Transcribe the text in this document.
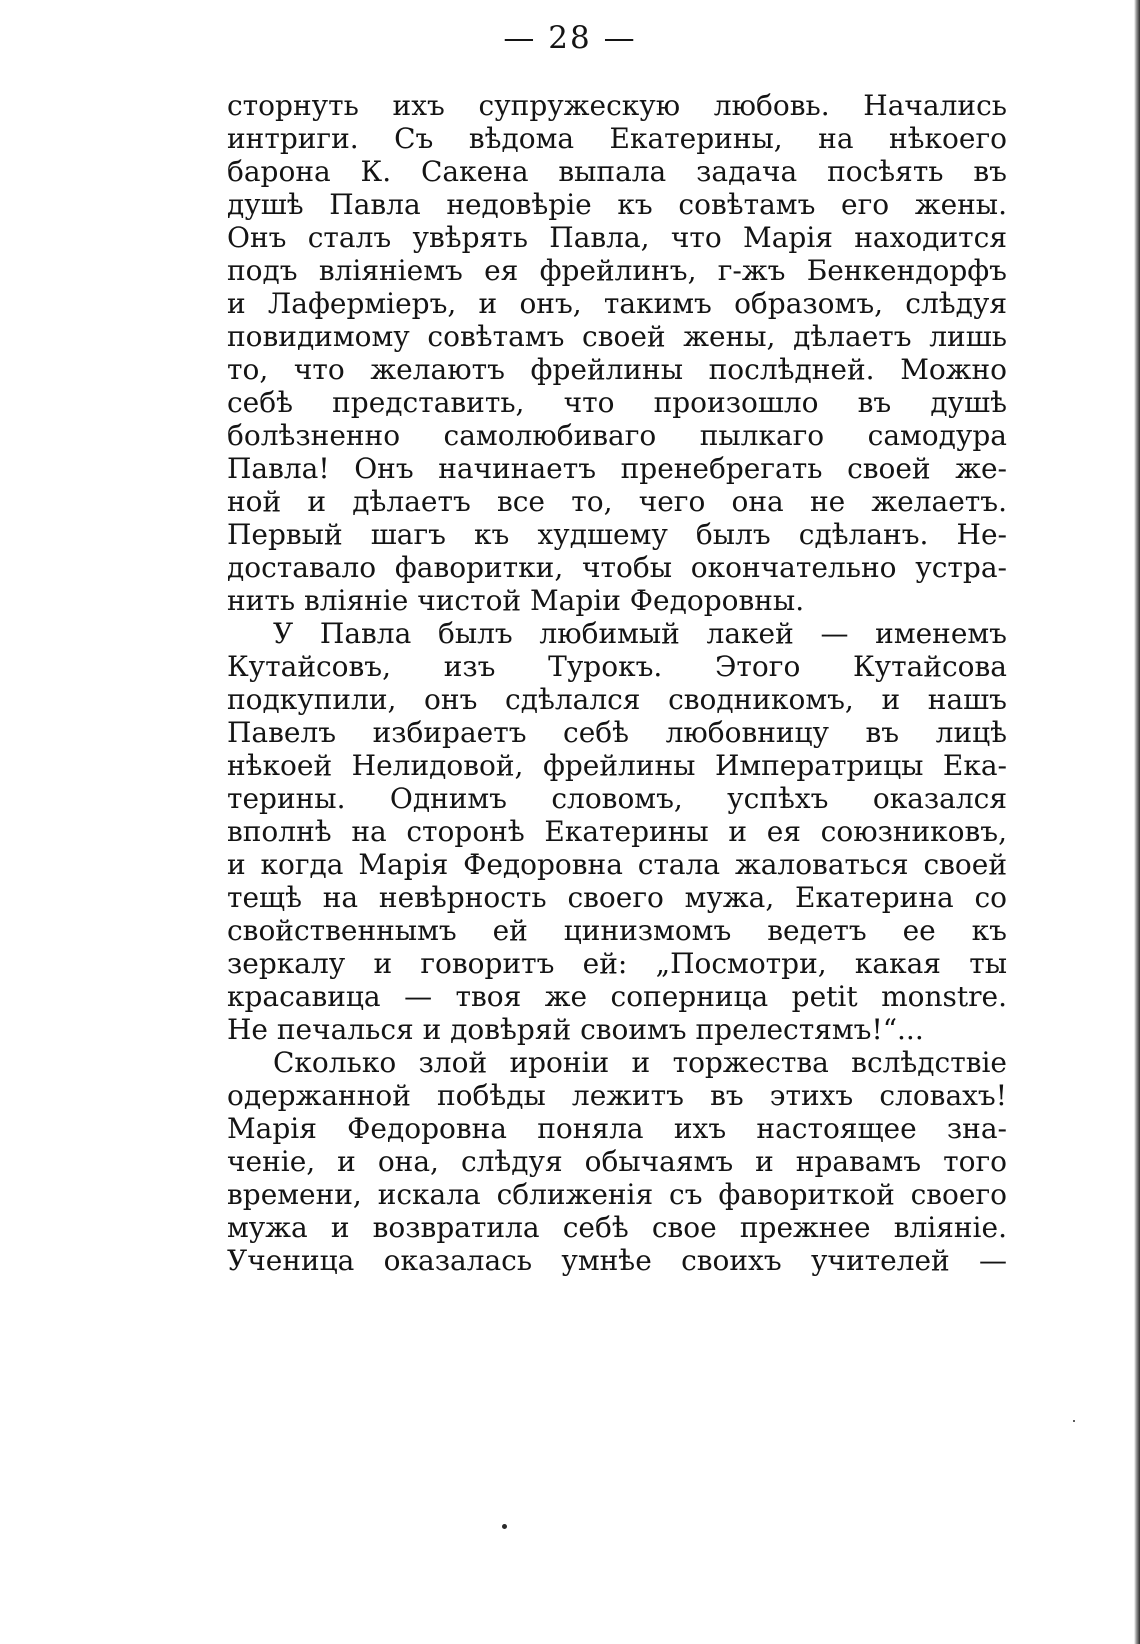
— 28 —
сторнуть ихъ супружескую любовь. Начались
интриги. Съ вѣдома Екатерины, на нѣкоего
барона К. Сакена выпала задача посѣять въ
душѣ Павла недовѣріе къ совѣтамъ его жены.
Онъ сталъ увѣрять Павла, что Марія находится
подъ вліяніемъ ея фрейлинъ, г-жъ Бенкендорфъ
и Лаферміеръ, и онъ, такимъ образомъ, слѣдуя
повидимому совѣтамъ своей жены, дѣлаетъ лишь
то, что желаютъ фрейлины послѣдней. Можно
себѣ представить, что произошло въ душѣ
болѣзненно самолюбиваго пылкаго самодура
Павла! Онъ начинаетъ пренебрегать своей же-
ной и дѣлаетъ все то, чего она не желаетъ.
Первый шагъ къ худшему былъ сдѣланъ. Не-
доставало фаворитки, чтобы окончательно устра-
нить вліяніе чистой Маріи Федоровны.
У Павла былъ любимый лакей — именемъ
Кутайсовъ, изъ Турокъ. Этого Кутайсова
подкупили, онъ сдѣлался сводникомъ, и нашъ
Павелъ избираетъ себѣ любовницу въ лицѣ
нѣкоей Нелидовой, фрейлины Императрицы Ека-
терины. Однимъ словомъ, успѣхъ оказался
вполнѣ на сторонѣ Екатерины и ея союзниковъ,
и когда Марія Федоровна стала жаловаться своей
тещѣ на невѣрность своего мужа, Екатерина со
свойственнымъ ей цинизмомъ ведетъ ее къ
зеркалу и говоритъ ей: „Посмотри, какая ты
красавица — твоя же соперница petit monstre.
Не печалься и довѣряй своимъ прелестямъ!“...
Сколько злой ироніи и торжества вслѣдствіе
одержанной побѣды лежитъ въ этихъ словахъ!
Марія Федоровна поняла ихъ настоящее зна-
ченіе, и она, слѣдуя обычаямъ и нравамъ того
времени, искала сближенія съ фавориткой своего
мужа и возвратила себѣ свое прежнее вліяніе.
Ученица оказалась умнѣе своихъ учителей —
